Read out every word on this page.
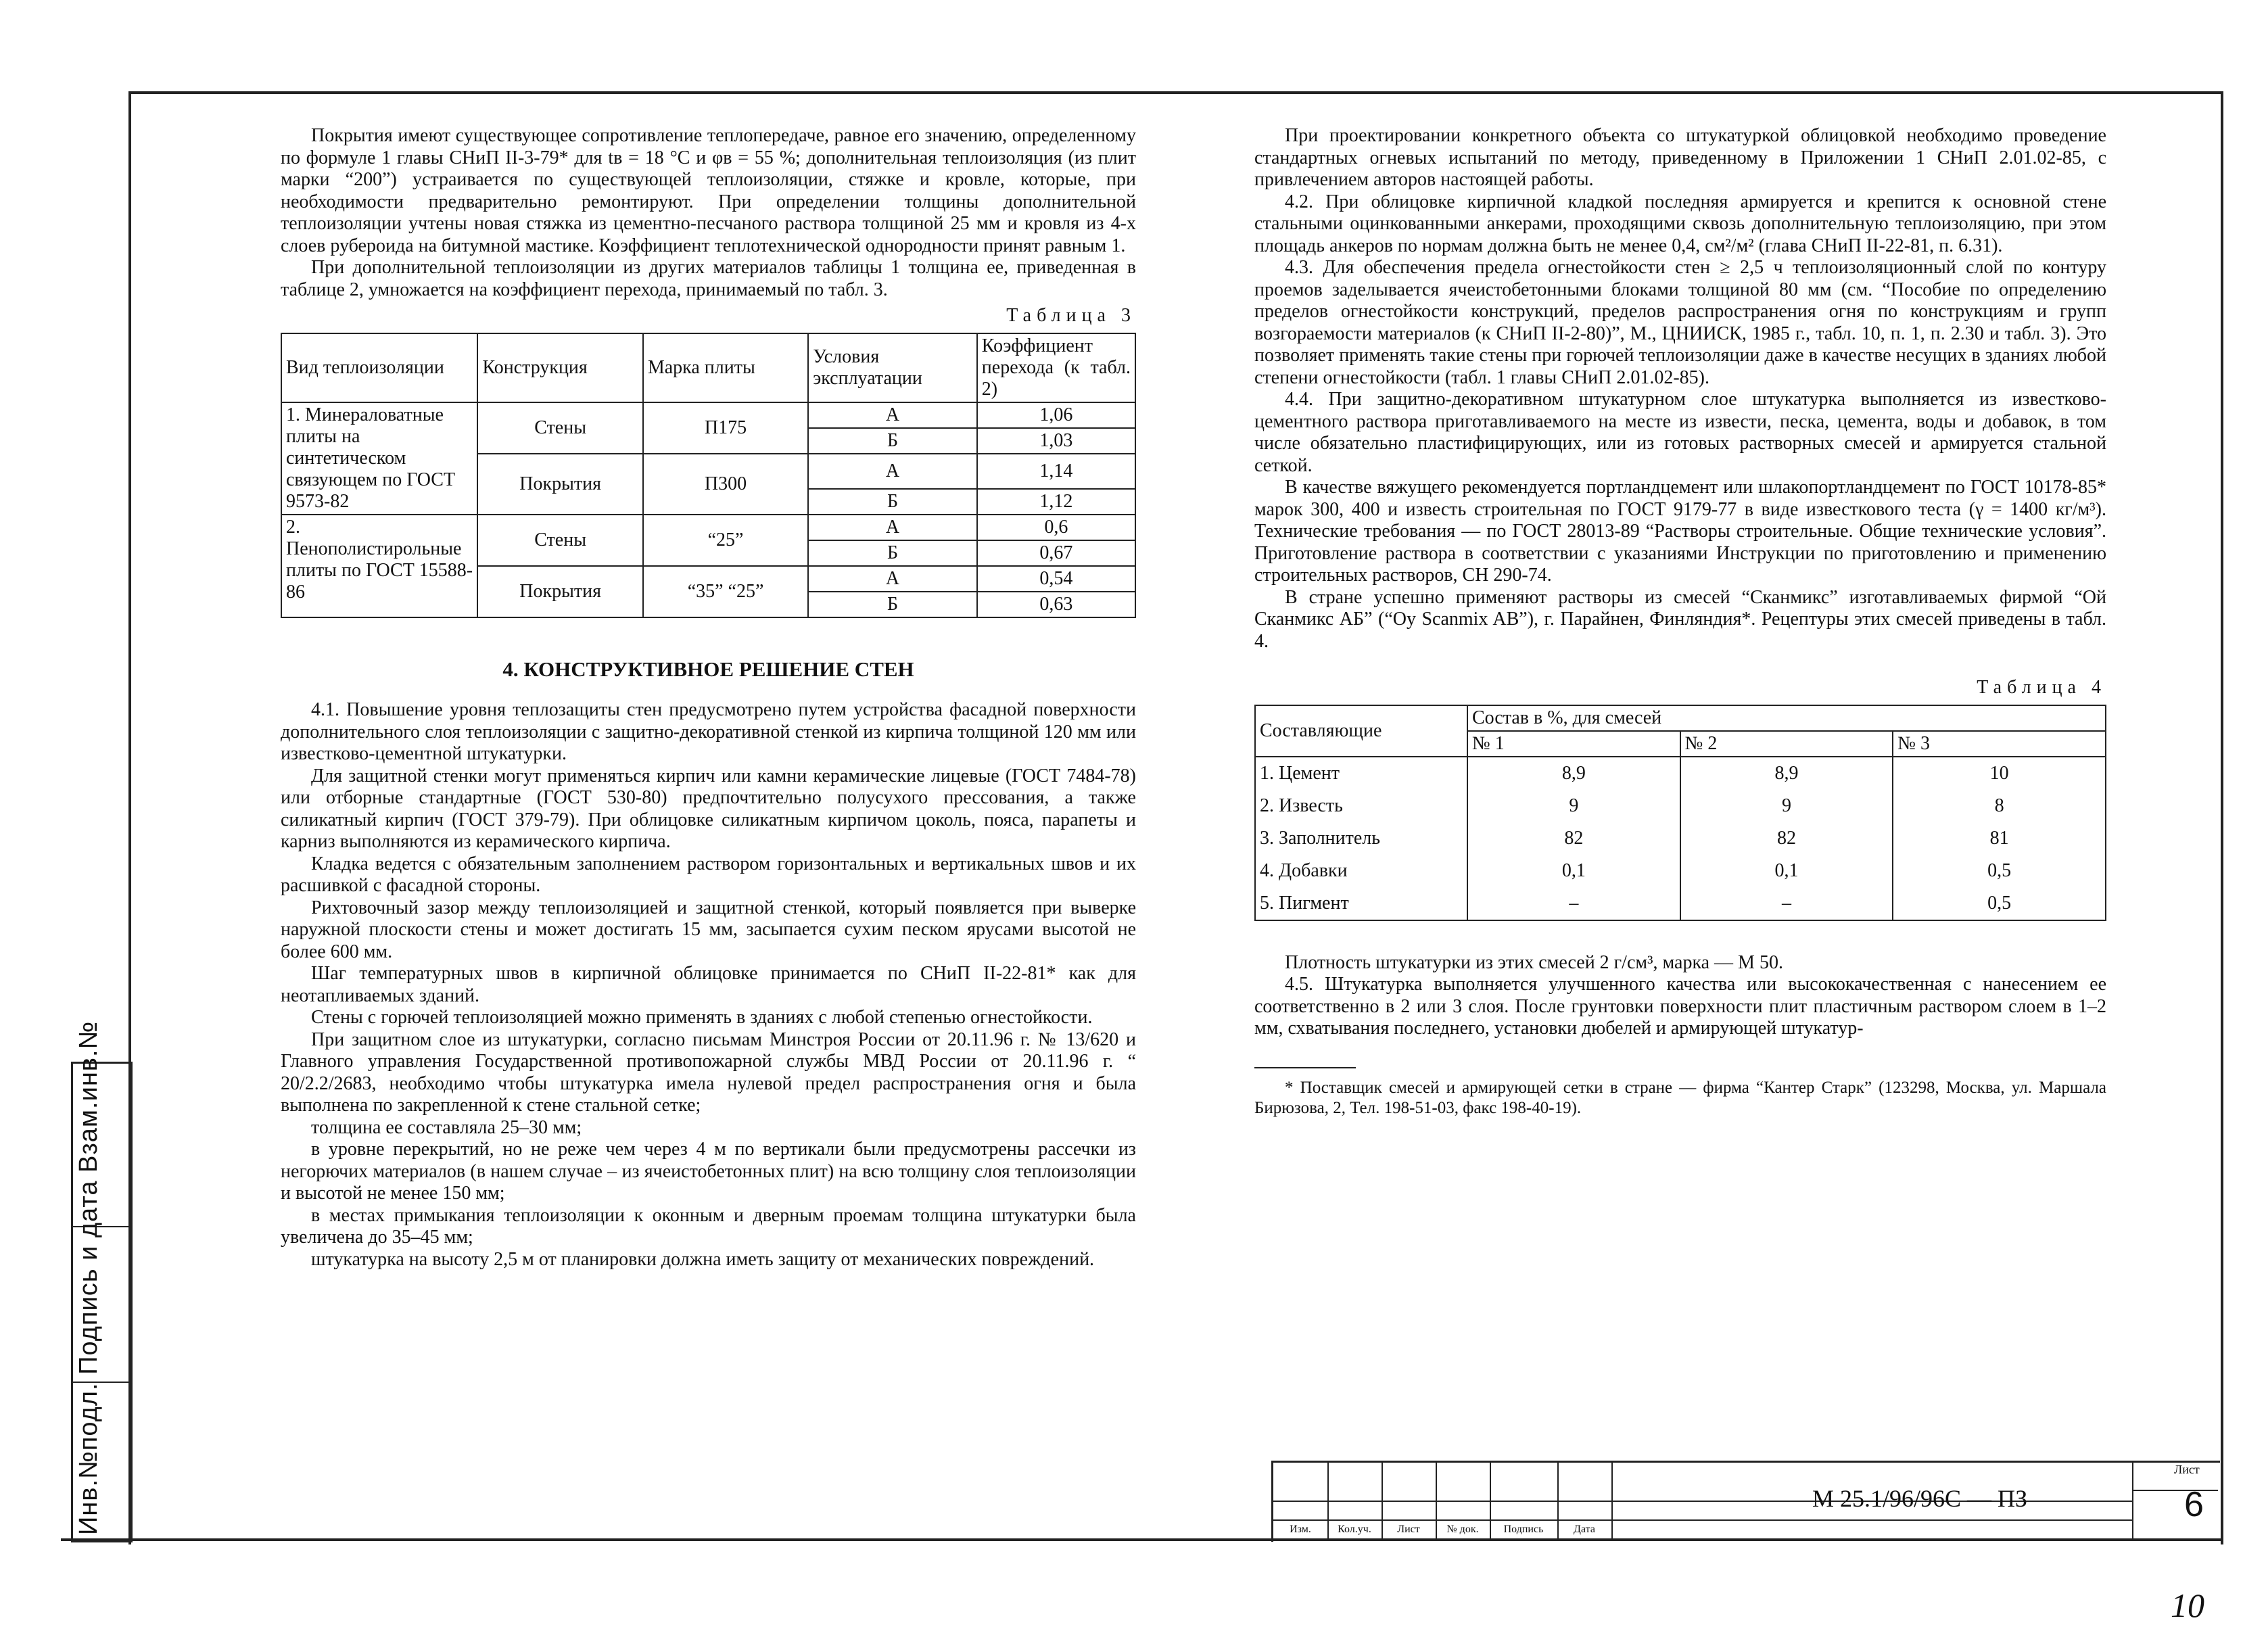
Инв.№подл. Подпись и дата Взам.инв.№

Покрытия имеют существующее сопротивление теплопередаче, равное его значению, определенному по формуле 1 главы СНиП II-3-79* для tв = 18 °С и φв = 55 %; дополнительная теплоизоляция (из плит марки “200”) устраивается по существующей теплоизоляции, стяжке и кровле, которые, при необходимости предварительно ремонтируют. При определении толщины дополнительной теплоизоляции учтены новая стяжка из цементно-песчаного раствора толщиной 25 мм и кровля из 4-х слоев рубероида на битумной мастике. Коэффициент теплотехнической однородности принят равным 1.

При дополнительной теплоизоляции из других материалов таблицы 1 толщина ее, приведенная в таблице 2, умножается на коэффициент перехода, принимаемый по табл. 3.

Таблица 3
Вид теплоизоляции	Конструкция	Марка плиты	Условия эксплуатации	Коэффициент перехода (к табл. 2)
1. Минераловатные плиты на синтетическом связующем по ГОСТ 9573-82	Стены	П175	А	1,06
			Б	1,03
	Покрытия	П300	А	1,14
			Б	1,12
2. Пенополистирольные плиты по ГОСТ 15588-86	Стены	“25”	А	0,6
			Б	0,67
	Покрытия	“35” “25”	А	0,54
			Б	0,63
4. КОНСТРУКТИВНОЕ РЕШЕНИЕ СТЕН

4.1. Повышение уровня теплозащиты стен предусмотрено путем устройства фасадной поверхности дополнительного слоя теплоизоляции с защитно-декоративной стенкой из кирпича толщиной 120 мм или известково-цементной штукатурки.

Для защитной стенки могут применяться кирпич или камни керамические лицевые (ГОСТ 7484-78) или отборные стандартные (ГОСТ 530-80) предпочтительно полусухого прессования, а также силикатный кирпич (ГОСТ 379-79). При облицовке силикатным кирпичом цоколь, пояса, парапеты и карниз выполняются из керамического кирпича.

Кладка ведется с обязательным заполнением раствором горизонтальных и вертикальных швов и их расшивкой с фасадной стороны.

Рихтовочный зазор между теплоизоляцией и защитной стенкой, который появляется при выверке наружной плоскости стены и может достигать 15 мм, засыпается сухим песком ярусами высотой не более 600 мм.

Шаг температурных швов в кирпичной облицовке принимается по СНиП II-22-81* как для неотапливаемых зданий.

Стены с горючей теплоизоляцией можно применять в зданиях с любой степенью огнестойкости.

При защитном слое из штукатурки, согласно письмам Минстроя России от 20.11.96 г. № 13/620 и Главного управления Государственной противопожарной службы МВД России от 20.11.96 г. “ 20/2.2/2683, необходимо чтобы штукатурка имела нулевой предел распространения огня и была выполнена по закрепленной к стене стальной сетке;

толщина ее составляла 25–30 мм;

в уровне перекрытий, но не реже чем через 4 м по вертикали были предусмотрены рассечки из негорючих материалов (в нашем случае – из ячеистобетонных плит) на всю толщину слоя теплоизоляции и высотой не менее 150 мм;

в местах примыкания теплоизоляции к оконным и дверным проемам толщина штукатурки была увеличена до 35–45 мм;

штукатурка на высоту 2,5 м от планировки должна иметь защиту от механических повреждений.

При проектировании конкретного объекта со штукатуркой облицовкой необходимо проведение стандартных огневых испытаний по методу, приведенному в Приложении 1 СНиП 2.01.02-85, с привлечением авторов настоящей работы.

4.2. При облицовке кирпичной кладкой последняя армируется и крепится к основной стене стальными оцинкованными анкерами, проходящими сквозь дополнительную теплоизоляцию, при этом площадь анкеров по нормам должна быть не менее 0,4, см²/м² (глава СНиП II-22-81, п. 6.31).

4.3. Для обеспечения предела огнестойкости стен ≥ 2,5 ч теплоизоляционный слой по контуру проемов заделывается ячеистобетонными блоками толщиной 80 мм (см. “Пособие по определению пределов огнестойкости конструкций, пределов распространения огня по конструкциям и групп возгораемости материалов (к СНиП II-2-80)”, М., ЦНИИСК, 1985 г., табл. 10, п. 1, п. 2.30 и табл. 3). Это позволяет применять такие стены при горючей теплоизоляции даже в качестве несущих в зданиях любой степени огнестойкости (табл. 1 главы СНиП 2.01.02-85).

4.4. При защитно-декоративном штукатурном слое штукатурка выполняется из известково-цементного раствора приготавливаемого на месте из извести, песка, цемента, воды и добавок, в том числе обязательно пластифицирующих, или из готовых растворных смесей и армируется стальной сеткой.

В качестве вяжущего рекомендуется портландцемент или шлакопортландцемент по ГОСТ 10178-85* марок 300, 400 и известь строительная по ГОСТ 9179-77 в виде известкового теста (γ = 1400 кг/м³). Технические требования — по ГОСТ 28013-89 “Растворы строительные. Общие технические условия”. Приготовление раствора в соответствии с указаниями Инструкции по приготовлению и применению строительных растворов, СН 290-74.

В стране успешно применяют растворы из смесей “Сканмикс” изготавливаемых фирмой “Ой Сканмикс АБ” (“Oy Scanmix AB”), г. Парайнен, Финляндия*. Рецептуры этих смесей приведены в табл. 4.

Таблица 4
Составляющие	Состав в %, для смесей		
	№ 1	№ 2	№ 3
1. Цемент	8,9	8,9	10
2. Известь	9	9	8
3. Заполнитель	82	82	81
4. Добавки	0,1	0,1	0,5
5. Пигмент	–	–	0,5

Плотность штукатурки из этих смесей 2 г/см³, марка — М 50.

4.5. Штукатурка выполняется улучшенного качества или высококачественная с нанесением ее соответственно в 2 или 3 слоя. После грунтовки поверхности плит пластичным раствором слоем в 1–2 мм, схватывания последнего, установки дюбелей и армирующей штукатур-

* Поставщик смесей и армирующей сетки в стране — фирма “Кантер Старк” (123298, Москва, ул. Маршала Бирюзова, 2, Тел. 198-51-03, факс 198-40-19).
Изм.	Кол.уч.	Лист	№ док.	Подпись	Дата
М 25.1/96/96С — ПЗ
Лист
6
10
